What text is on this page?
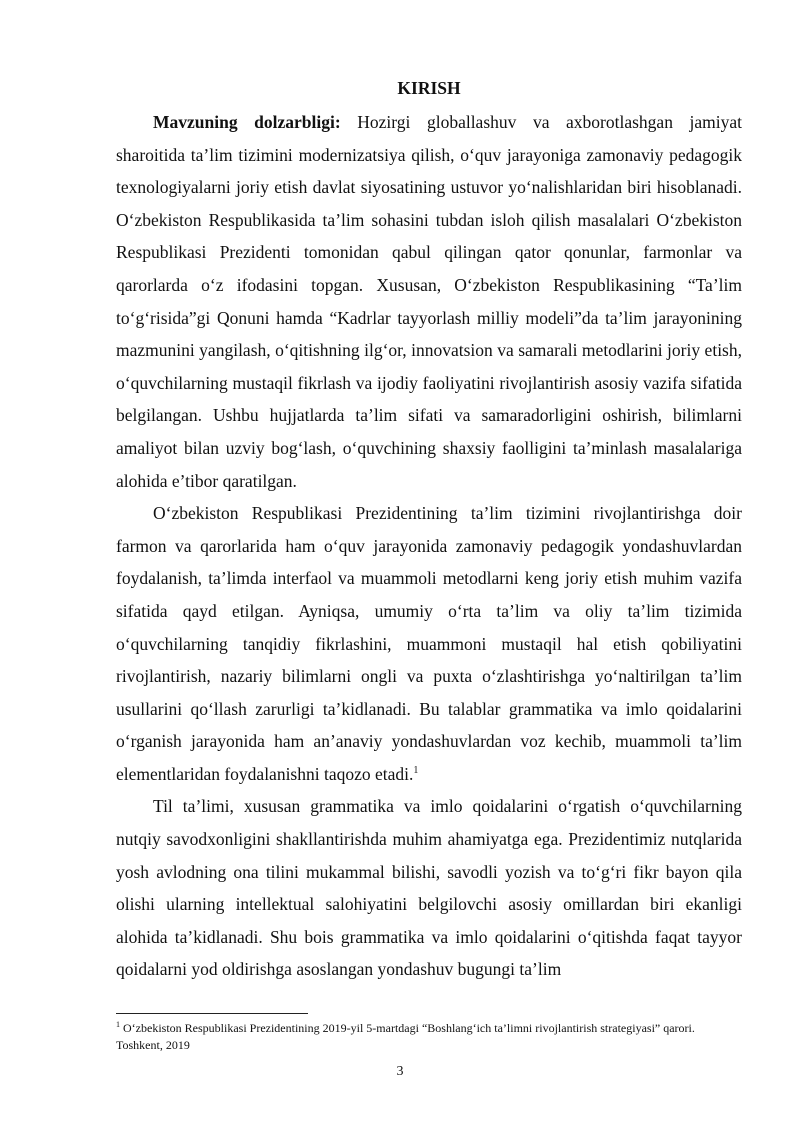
KIRISH

Mavzuning dolzarbligi: Hozirgi globallashuv va axborotlashgan jamiyat sharoitida ta’lim tizimini modernizatsiya qilish, o‘quv jarayoniga zamonaviy pedagogik texnologiyalarni joriy etish davlat siyosatining ustuvor yo‘nalishlaridan biri hisoblanadi. O‘zbekiston Respublikasida ta’lim sohasini tubdan isloh qilish masalalari O‘zbekiston Respublikasi Prezidenti tomonidan qabul qilingan qator qonunlar, farmonlar va qarorlarda o‘z ifodasini topgan. Xususan, O‘zbekiston Respublikasining “Ta’lim to‘g‘risida”gi Qonuni hamda “Kadrlar tayyorlash milliy modeli”da ta’lim jarayonining mazmunini yangilash, o‘qitishning ilg‘or, innovatsion va samarali metodlarini joriy etish, o‘quvchilarning mustaqil fikrlash va ijodiy faoliyatini rivojlantirish asosiy vazifa sifatida belgilangan. Ushbu hujjatlarda ta’lim sifati va samaradorligini oshirish, bilimlarni amaliyot bilan uzviy bog‘lash, o‘quvchining shaxsiy faolligini ta’minlash masalalariga alohida e’tibor qaratilgan.

O‘zbekiston Respublikasi Prezidentining ta’lim tizimini rivojlantirishga doir farmon va qarorlarida ham o‘quv jarayonida zamonaviy pedagogik yondashuvlardan foydalanish, ta’limda interfaol va muammoli metodlarni keng joriy etish muhim vazifa sifatida qayd etilgan. Ayniqsa, umumiy o‘rta ta’lim va oliy ta’lim tizimida o‘quvchilarning tanqidiy fikrlashini, muammoni mustaqil hal etish qobiliyatini rivojlantirish, nazariy bilimlarni ongli va puxta o‘zlashtirishga yo‘naltirilgan ta’lim usullarini qo‘llash zarurligi ta’kidlanadi. Bu talablar grammatika va imlo qoidalarini o‘rganish jarayonida ham an’anaviy yondashuvlardan voz kechib, muammoli ta’lim elementlaridan foydalanishni taqozo etadi.$^1$

Til ta’limi, xususan grammatika va imlo qoidalarini o‘rgatish o‘quvchilarning nutqiy savodxonligini shakllantirishda muhim ahamiyatga ega. Prezidentimiz nutqlarida yosh avlodning ona tilini mukammal bilishi, savodli yozish va to‘g‘ri fikr bayon qila olishi ularning intellektual salohiyatini belgilovchi asosiy omillardan biri ekanligi alohida ta’kidlanadi. Shu bois grammatika va imlo qoidalarini o‘qitishda faqat tayyor qoidalarni yod oldirishga asoslangan yondashuv bugungi ta’lim

$^1$ O‘zbekiston Respublikasi Prezidentining 2019-yil 5-martdagi “Boshlang‘ich ta’limni rivojlantirish strategiyasi” qarori. Toshkent, 2019

3
